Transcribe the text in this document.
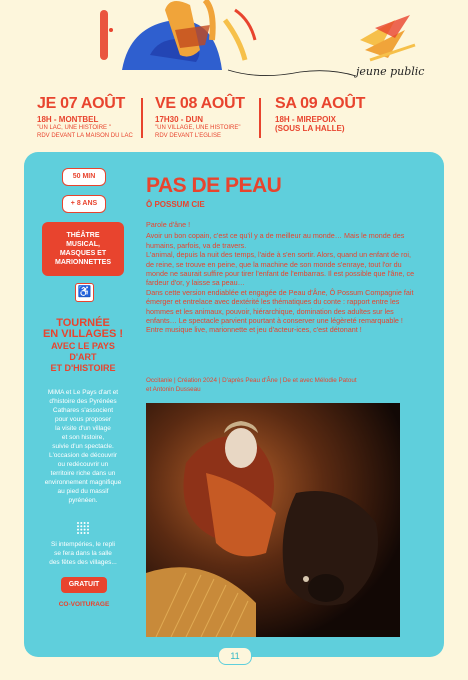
jeune public
JE 07 AOÛT
18H - MONTBEL
"UN LAC, UNE HISTOIRE "
RDV DEVANT LA MAISON DU LAC
VE 08 AOÛT
17H30 - DUN
"UN VILLAGE, UNE HISTOIRE"
RDV DEVANT L'EGLISE
SA 09 AOÛT
18H - MIREPOIX
(SOUS LA HALLE)
50 MIN
+ 8 ANS
THÉÂTRE
MUSICAL,
MASQUES ET
MARIONNETTES
♿
TOURNÉE
EN VILLAGES !
AVEC LE PAYS
D'ART
ET D'HISTOIRE
MiMA et Le Pays d'art et
d'histoire des Pyrénées
Cathares s'associent
pour vous proposer
la visite d'un village
et son histoire,
suivie d'un spectacle.
L'occasion de découvrir
ou redécouvrir un
territoire riche dans un
environnement magnifique
au pied du massif
pyrénéen.
Si intempéries, le repli
se fera dans la salle
des fêtes des villages...
GRATUIT
CO-VOITURAGE
PAS DE PEAU
Ô POSSUM CIE

Parole d'âne !

Avoir un bon copain, c'est ce qu'il y a de meilleur au monde… Mais le monde des humains, parfois, va de travers.

L'animal, depuis la nuit des temps, l'aide à s'en sortir. Alors, quand un enfant de roi, de reine, se trouve en peine, que la machine de son monde s'enraye, tout l'or du monde ne saurait suffire pour tirer l'enfant de l'embarras. Il est possible que l'âne, ce fardeur d'or, y laisse sa peau…

Dans cette version endiablée et engagée de Peau d'Âne, Ô Possum Compagnie fait émerger et entrelace avec dextérité les thématiques du conte : rapport entre les hommes et les animaux, pouvoir, hiérarchique, domination des adultes sur les enfants… Le spectacle parvient pourtant à conserver une légèreté remarquable ! Entre musique live, marionnette et jeu d'acteur-ices, c'est détonant !

Occitanie | Création 2024 | D'après Peau d'Âne | De et avec Mélodie Patout
et Antonin Dusseau
11
